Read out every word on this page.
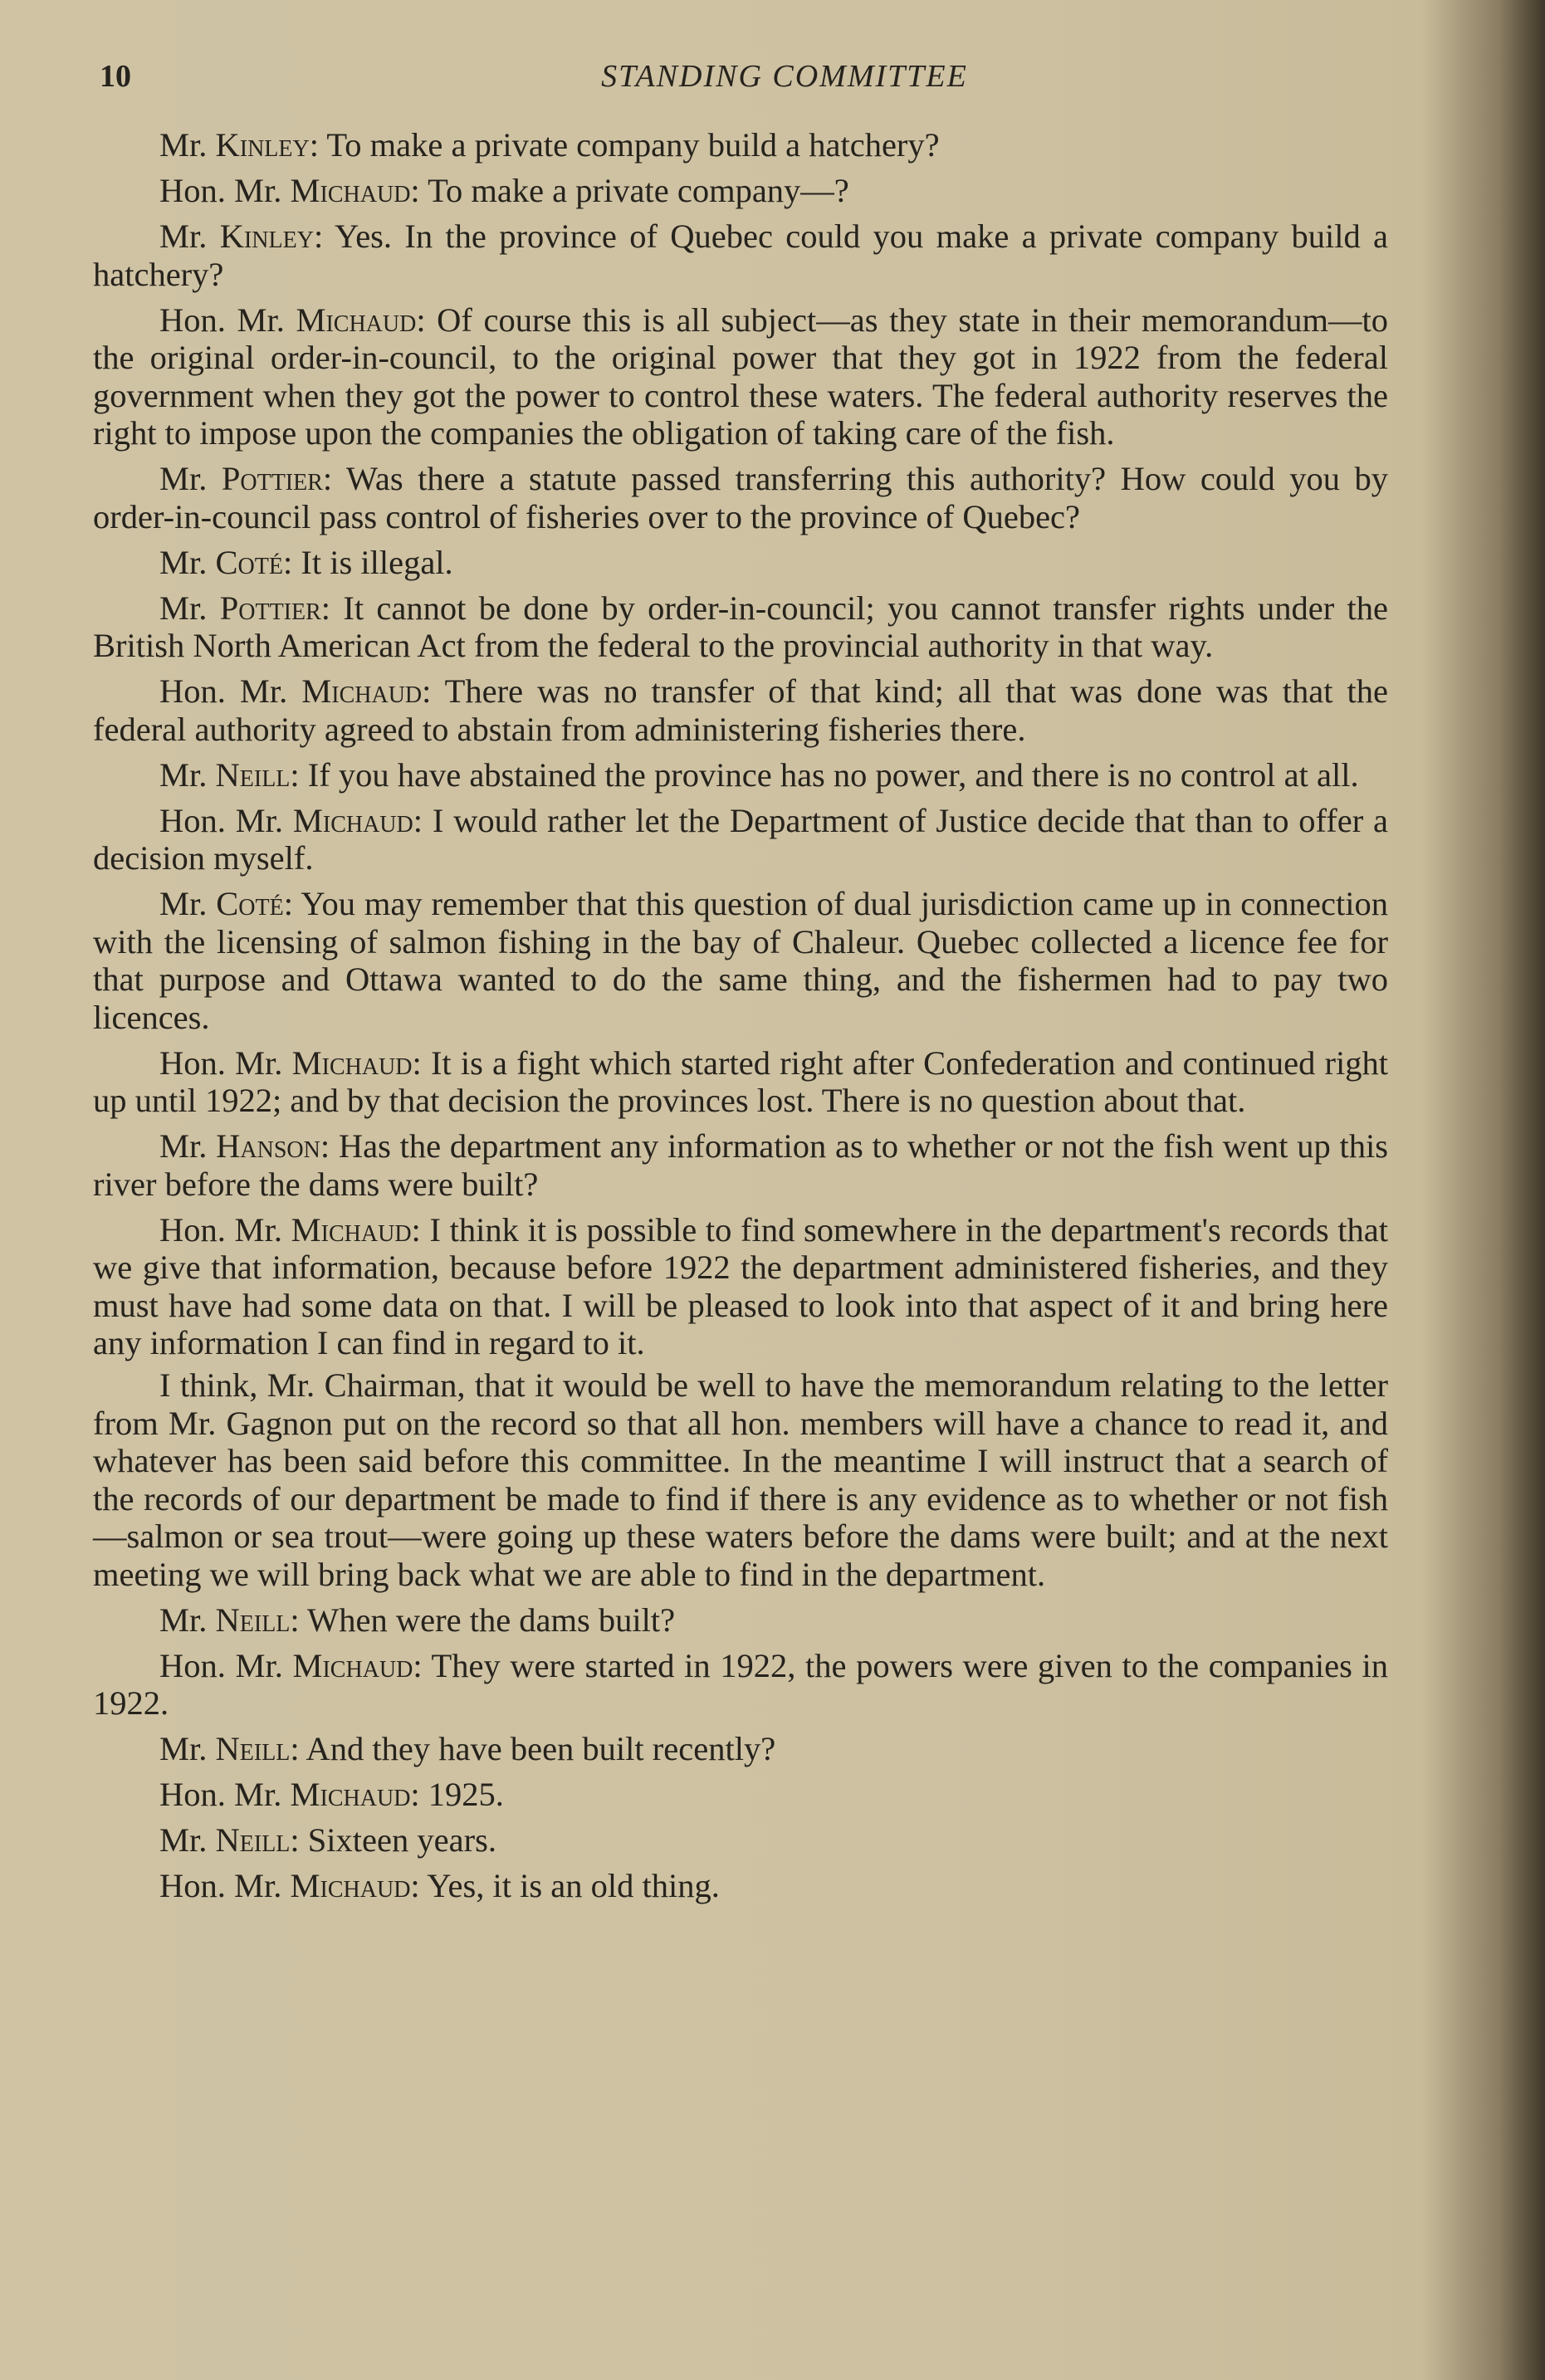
10	STANDING COMMITTEE

Mr. Kinley: To make a private company build a hatchery?

Hon. Mr. Michaud: To make a private company—?

Mr. Kinley: Yes. In the province of Quebec could you make a private company build a hatchery?

Hon. Mr. Michaud: Of course this is all subject—as they state in their memorandum—to the original order-in-council, to the original power that they got in 1922 from the federal government when they got the power to control these waters. The federal authority reserves the right to impose upon the companies the obligation of taking care of the fish.

Mr. Pottier: Was there a statute passed transferring this authority? How could you by order-in-council pass control of fisheries over to the province of Quebec?

Mr. Coté: It is illegal.

Mr. Pottier: It cannot be done by order-in-council; you cannot transfer rights under the British North American Act from the federal to the provincial authority in that way.

Hon. Mr. Michaud: There was no transfer of that kind; all that was done was that the federal authority agreed to abstain from administering fisheries there.

Mr. Neill: If you have abstained the province has no power, and there is no control at all.

Hon. Mr. Michaud: I would rather let the Department of Justice decide that than to offer a decision myself.

Mr. Coté: You may remember that this question of dual jurisdiction came up in connection with the licensing of salmon fishing in the bay of Chaleur. Quebec collected a licence fee for that purpose and Ottawa wanted to do the same thing, and the fishermen had to pay two licences.

Hon. Mr. Michaud: It is a fight which started right after Confederation and continued right up until 1922; and by that decision the provinces lost. There is no question about that.

Mr. Hanson: Has the department any information as to whether or not the fish went up this river before the dams were built?

Hon. Mr. Michaud: I think it is possible to find somewhere in the department's records that we give that information, because before 1922 the department administered fisheries, and they must have had some data on that. I will be pleased to look into that aspect of it and bring here any information I can find in regard to it.

I think, Mr. Chairman, that it would be well to have the memorandum relating to the letter from Mr. Gagnon put on the record so that all hon. members will have a chance to read it, and whatever has been said before this committee. In the meantime I will instruct that a search of the records of our department be made to find if there is any evidence as to whether or not fish—salmon or sea trout—were going up these waters before the dams were built; and at the next meeting we will bring back what we are able to find in the department.

Mr. Neill: When were the dams built?

Hon. Mr. Michaud: They were started in 1922, the powers were given to the companies in 1922.

Mr. Neill: And they have been built recently?

Hon. Mr. Michaud: 1925.

Mr. Neill: Sixteen years.

Hon. Mr. Michaud: Yes, it is an old thing.
